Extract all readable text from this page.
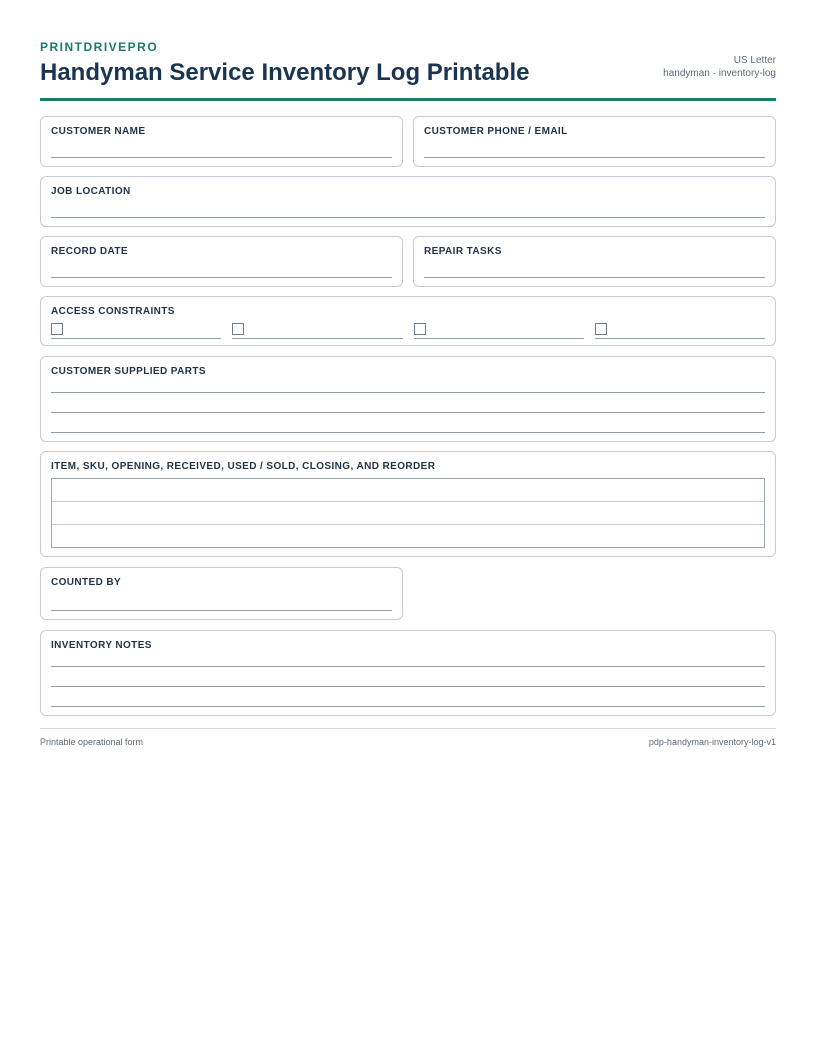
PRINTDRIVEPRO
Handyman Service Inventory Log Printable	US Letter
handyman · inventory-log
CUSTOMER NAME	CUSTOMER PHONE / EMAIL
JOB LOCATION
RECORD DATE	REPAIR TASKS
ACCESS CONSTRAINTS
CUSTOMER SUPPLIED PARTS
ITEM, SKU, OPENING, RECEIVED, USED / SOLD, CLOSING, AND REORDER
COUNTED BY
INVENTORY NOTES
Printable operational form	pdp-handyman-inventory-log-v1
